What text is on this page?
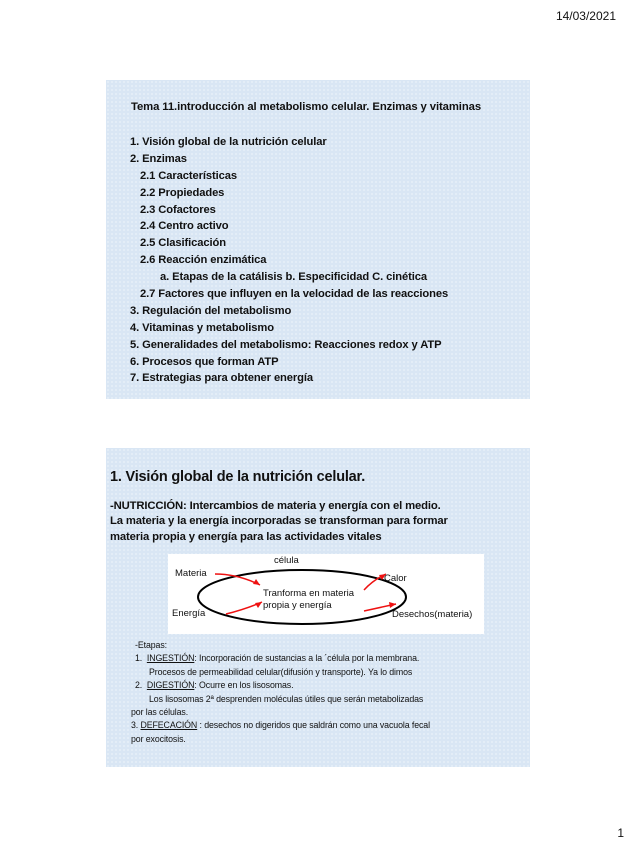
14/03/2021
Tema 11.introducción al metabolismo celular. Enzimas y vitaminas
1. Visión global de la nutrición celular
2. Enzimas
2.1 Características
2.2 Propiedades
2.3 Cofactores
2.4 Centro activo
2.5 Clasificación
2.6 Reacción enzimática
a. Etapas de la catálisis b. Especificidad C. cinética
2.7 Factores que influyen en la velocidad de las reacciones
3. Regulación del metabolismo
4. Vitaminas y metabolismo
5. Generalidades del metabolismo: Reacciones redox y ATP
6. Procesos que forman ATP
7. Estrategias para obtener energía
1. Visión global de la nutrición celular.
-NUTRICCIÓN: Intercambios de materia y energía con el medio.
La materia y la energía incorporadas se transforman para formar
materia propia y energía para las actividades vitales
célula
Materia
Energía
Tranforma en materia
propia y energía
Calor
Desechos(materia)
-Etapas:
1. INGESTIÓN: Incorporación de sustancias a la ´célula por la membrana.
Procesos de permeabilidad celular(difusión y transporte). Ya lo dimos
2. DIGESTIÓN: Ocurre en los lisosomas.
Los lisosomas 2ª desprenden moléculas útiles que serán metabolizadas
por las células.
3. DEFECACIÓN : desechos no digeridos que saldrán como una vacuola fecal
por exocitosis.
1
